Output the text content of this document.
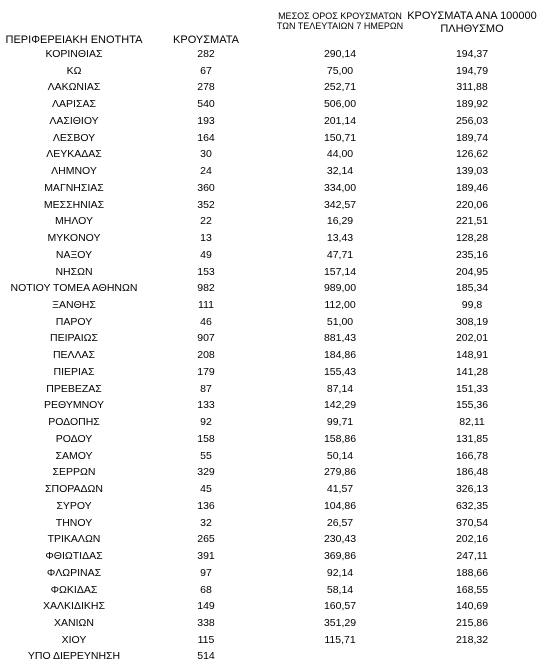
ΠΕΡΙΦΕΡΕΙΑΚΗ ΕΝΟΤΗΤΑ	ΚΡΟΥΣΜΑΤΑ
ΜΕΣΟΣ ΟΡΟΣ ΚΡΟΥΣΜΑΤΩΝ
ΤΩΝ ΤΕΛΕΥΤΑΙΩΝ 7 ΗΜΕΡΩΝ
ΚΡΟΥΣΜΑΤΑ ΑΝΑ 100000
ΠΛΗΘΥΣΜΟ
ΚΟΡΙΝΘΙΑΣ	282	290,14	194,37
ΚΩ	67	75,00	194,79
ΛΑΚΩΝΙΑΣ	278	252,71	311,88
ΛΑΡΙΣΑΣ	540	506,00	189,92
ΛΑΣΙΘΙΟΥ	193	201,14	256,03
ΛΕΣΒΟΥ	164	150,71	189,74
ΛΕΥΚΑΔΑΣ	30	44,00	126,62
ΛΗΜΝΟΥ	24	32,14	139,03
ΜΑΓΝΗΣΙΑΣ	360	334,00	189,46
ΜΕΣΣΗΝΙΑΣ	352	342,57	220,06
ΜΗΛΟΥ	22	16,29	221,51
ΜΥΚΟΝΟΥ	13	13,43	128,28
ΝΑΞΟΥ	49	47,71	235,16
ΝΗΣΩΝ	153	157,14	204,95
ΝΟΤΙΟΥ ΤΟΜΕΑ ΑΘΗΝΩΝ	982	989,00	185,34
ΞΑΝΘΗΣ	111	112,00	99,8
ΠΑΡΟΥ	46	51,00	308,19
ΠΕΙΡΑΙΩΣ	907	881,43	202,01
ΠΕΛΛΑΣ	208	184,86	148,91
ΠΙΕΡΙΑΣ	179	155,43	141,28
ΠΡΕΒΕΖΑΣ	87	87,14	151,33
ΡΕΘΥΜΝΟΥ	133	142,29	155,36
ΡΟΔΟΠΗΣ	92	99,71	82,11
ΡΟΔΟΥ	158	158,86	131,85
ΣΑΜΟΥ	55	50,14	166,78
ΣΕΡΡΩΝ	329	279,86	186,48
ΣΠΟΡΑΔΩΝ	45	41,57	326,13
ΣΥΡΟΥ	136	104,86	632,35
ΤΗΝΟΥ	32	26,57	370,54
ΤΡΙΚΑΛΩΝ	265	230,43	202,16
ΦΘΙΩΤΙΔΑΣ	391	369,86	247,11
ΦΛΩΡΙΝΑΣ	97	92,14	188,66
ΦΩΚΙΔΑΣ	68	58,14	168,55
ΧΑΛΚΙΔΙΚΗΣ	149	160,57	140,69
ΧΑΝΙΩΝ	338	351,29	215,86
ΧΙΟΥ	115	115,71	218,32
ΥΠΟ ΔΙΕΡΕΥΝΗΣΗ	514
